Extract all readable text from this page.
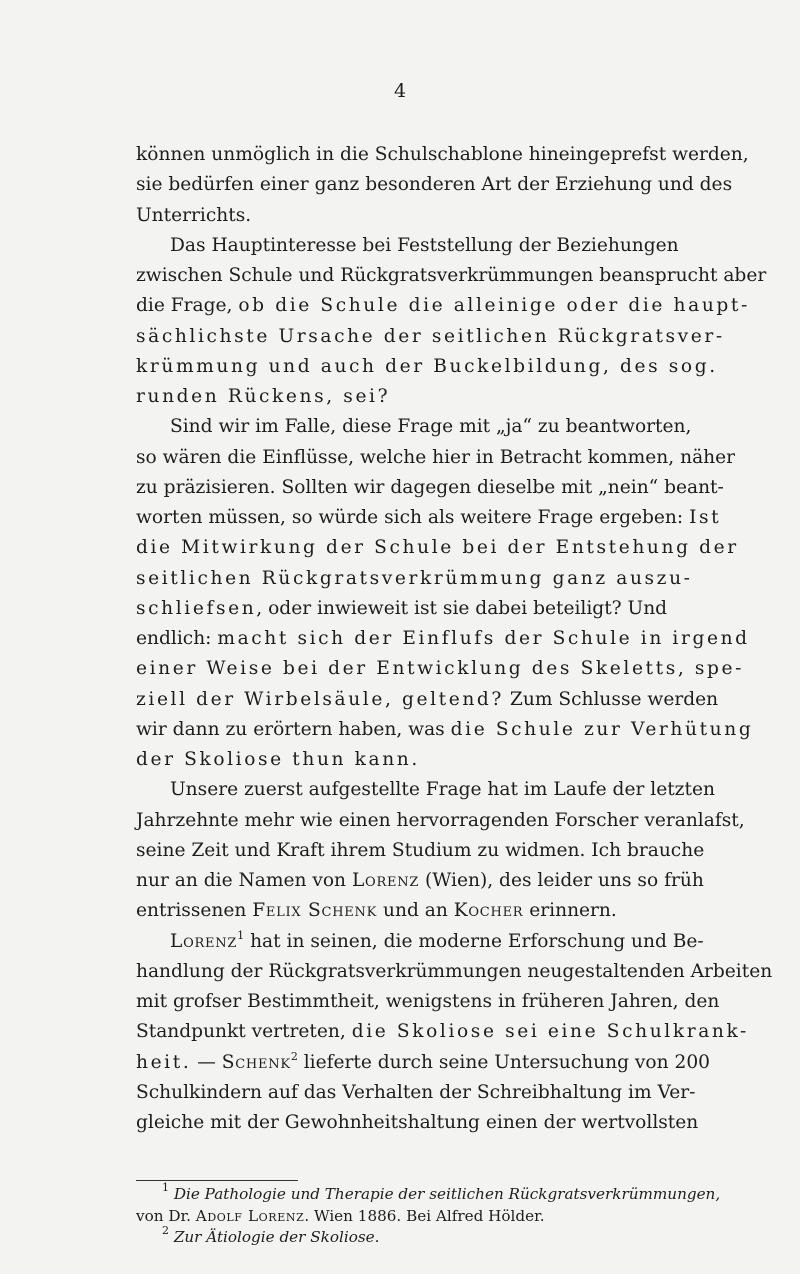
4
können unmöglich in die Schulschablone hineingeprefst werden,
sie bedürfen einer ganz besonderen Art der Erziehung und des
Unterrichts.
Das Hauptinteresse bei Feststellung der Beziehungen
zwischen Schule und Rückgratsverkrümmungen beansprucht aber
die Frage, ob die Schule die alleinige oder die haupt-
sächlichste Ursache der seitlichen Rückgratsver-
krümmung und auch der Buckelbildung, des sog.
runden Rückens, sei?
Sind wir im Falle, diese Frage mit „ja“ zu beantworten,
so wären die Einflüsse, welche hier in Betracht kommen, näher
zu präzisieren. Sollten wir dagegen dieselbe mit „nein“ beant-
worten müssen, so würde sich als weitere Frage ergeben: Ist
die Mitwirkung der Schule bei der Entstehung der
seitlichen Rückgratsverkrümmung ganz auszu-
schliefsen, oder inwieweit ist sie dabei beteiligt? Und
endlich: macht sich der Einflufs der Schule in irgend
einer Weise bei der Entwicklung des Skeletts, spe-
ziell der Wirbelsäule, geltend? Zum Schlusse werden
wir dann zu erörtern haben, was die Schule zur Verhütung
der Skoliose thun kann.
Unsere zuerst aufgestellte Frage hat im Laufe der letzten
Jahrzehnte mehr wie einen hervorragenden Forscher veranlafst,
seine Zeit und Kraft ihrem Studium zu widmen. Ich brauche
nur an die Namen von Lorenz (Wien), des leider uns so früh
entrissenen Felix Schenk und an Kocher erinnern.
Lorenz$^1$ hat in seinen, die moderne Erforschung und Be-
handlung der Rückgratsverkrümmungen neugestaltenden Arbeiten
mit grofser Bestimmtheit, wenigstens in früheren Jahren, den
Standpunkt vertreten, die Skoliose sei eine Schulkrank-
heit. — Schenk$^2$ lieferte durch seine Untersuchung von 200
Schulkindern auf das Verhalten der Schreibhaltung im Ver-
gleiche mit der Gewohnheitshaltung einen der wertvollsten
$^1$ Die Pathologie und Therapie der seitlichen Rückgratsverkrümmungen,
von Dr. Adolf Lorenz. Wien 1886. Bei Alfred Hölder.
$^2$ Zur Ätiologie der Skoliose.
